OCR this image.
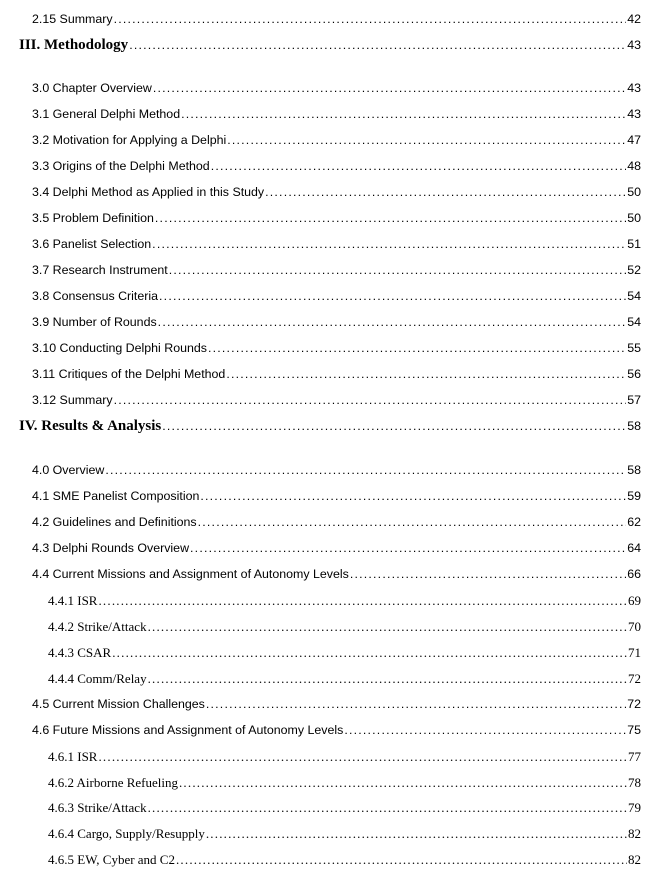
2.15 Summary .....	42
III. Methodology .....	43
3.0 Chapter Overview .....	43
3.1 General Delphi Method .....	43
3.2 Motivation for Applying a Delphi .....	47
3.3 Origins of the Delphi Method .....	48
3.4 Delphi Method as Applied in this Study .....	50
3.5 Problem Definition .....	50
3.6 Panelist Selection .....	51
3.7 Research Instrument .....	52
3.8 Consensus Criteria .....	54
3.9 Number of Rounds .....	54
3.10 Conducting Delphi Rounds .....	55
3.11 Critiques of the Delphi Method .....	56
3.12 Summary .....	57
IV. Results & Analysis .....	58
4.0 Overview .....	58
4.1 SME Panelist Composition .....	59
4.2 Guidelines and Definitions .....	62
4.3 Delphi Rounds Overview .....	64
4.4 Current Missions and Assignment of Autonomy Levels .....	66
4.4.1 ISR .....	69
4.4.2 Strike/Attack .....	70
4.4.3 CSAR .....	71
4.4.4 Comm/Relay .....	72
4.5 Current Mission Challenges .....	72
4.6 Future Missions and Assignment of Autonomy Levels .....	75
4.6.1 ISR .....	77
4.6.2 Airborne Refueling .....	78
4.6.3 Strike/Attack .....	79
4.6.4 Cargo, Supply/Resupply .....	82
4.6.5 EW, Cyber and C2 .....	82
